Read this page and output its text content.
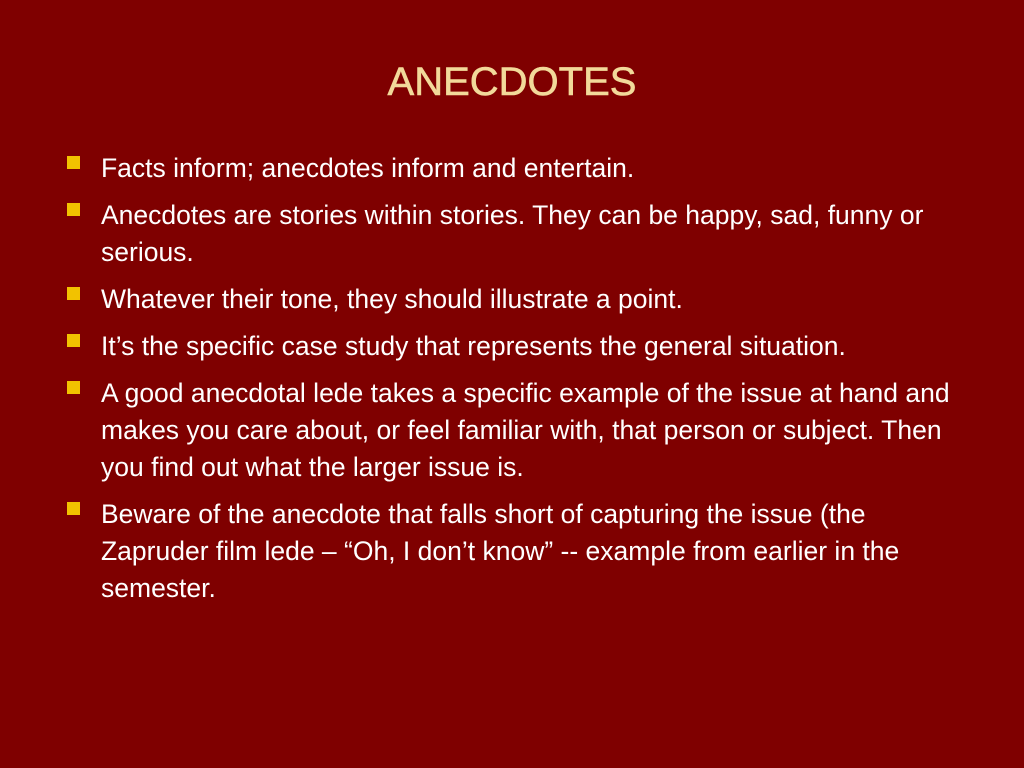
ANECDOTES
Facts inform; anecdotes inform and entertain.
Anecdotes are stories within stories. They can be happy, sad, funny or serious.
Whatever their tone, they should illustrate a point.
It’s the specific case study that represents the general situation.
A good anecdotal lede takes a specific example of the issue at hand and makes you care about, or feel familiar with, that person or subject. Then you find out what the larger issue is.
Beware of the anecdote that falls short of capturing the issue (the Zapruder film lede – “Oh, I don’t know” -- example from earlier in the semester.
